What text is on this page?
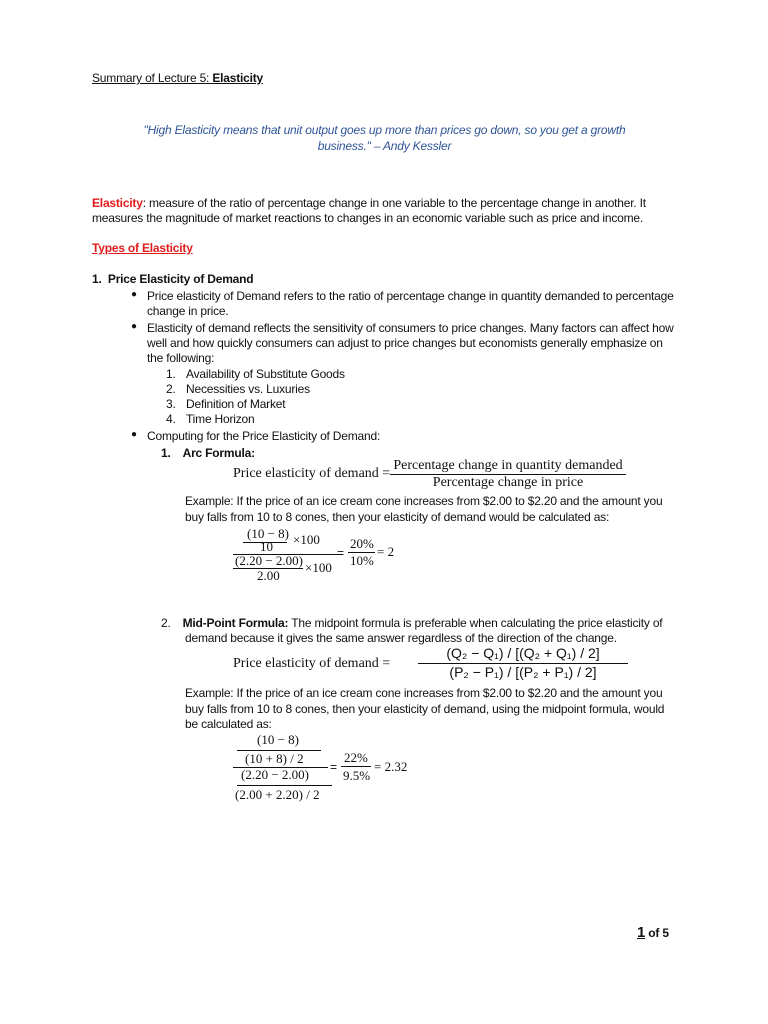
Summary of Lecture 5: Elasticity
"High Elasticity means that unit output goes up more than prices go down, so you get a growth
business." – Andy Kessler
Elasticity: measure of the ratio of percentage change in one variable to the percentage change in another. It
measures the magnitude of market reactions to changes in an economic variable such as price and income.
Types of Elasticity
1. Price Elasticity of Demand
● Price elasticity of Demand refers to the ratio of percentage change in quantity demanded to percentage
change in price.
● Elasticity of demand reflects the sensitivity of consumers to price changes. Many factors can affect how
well and how quickly consumers can adjust to price changes but economists generally emphasize on
the following:
1. Availability of Substitute Goods
2. Necessities vs. Luxuries
3. Definition of Market
4. Time Horizon
● Computing for the Price Elasticity of Demand:
1. Arc Formula:
Price elasticity of demand =
Percentage change in quantity demanded
Percentage change in price
Example: If the price of an ice cream cone increases from $2.00 to $2.20 and the amount you
buy falls from 10 to 8 cones, then your elasticity of demand would be calculated as:
(10 − 8) ×100
10
(2.20 − 2.00) ×100
2.00
=
20%
10%
= 2
2. Mid-Point Formula: The midpoint formula is preferable when calculating the price elasticity of
demand because it gives the same answer regardless of the direction of the change.
Price elasticity of demand = $\frac{\text{(Q₂ − Q₁) / [(Q₂ + Q₁) / 2]}}{\text{(P₂ − P₁) / [(P₂ + P₁) / 2]}}$
Example: If the price of an ice cream cone increases from $2.00 to $2.20 and the amount you
buy falls from 10 to 8 cones, then your elasticity of demand, using the midpoint formula, would
be calculated as:
(10 − 8)
(10 + 8) / 2
(2.20 − 2.00)
(2.00 + 2.20) / 2
=
22%
9.5%
= 2.32
1 of 5
